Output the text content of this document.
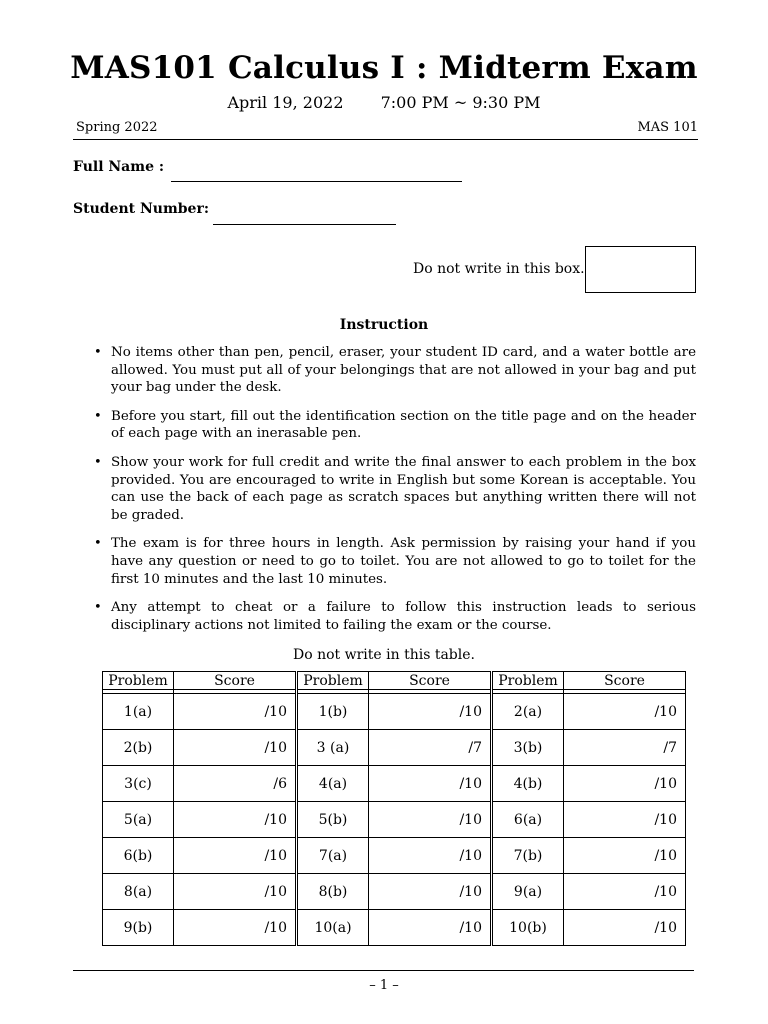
MAS101 Calculus I : Midterm Exam
April 19, 2022 7:00 PM ~ 9:30 PM
Spring 2022	MAS 101
Full Name :
Student Number:
Do not write in this box.
Instruction
• No items other than pen, pencil, eraser, your student ID card, and a water bottle are allowed. You must put all of your belongings that are not allowed in your bag and put your bag under the desk.
• Before you start, fill out the identification section on the title page and on the header of each page with an inerasable pen.
• Show your work for full credit and write the final answer to each problem in the box provided. You are encouraged to write in English but some Korean is acceptable. You can use the back of each page as scratch spaces but anything written there will not be graded.
• The exam is for three hours in length. Ask permission by raising your hand if you have any question or need to go to toilet. You are not allowed to go to toilet for the first 10 minutes and the last 10 minutes.
• Any attempt to cheat or a failure to follow this instruction leads to serious disciplinary actions not limited to failing the exam or the course.
Do not write in this table.
Problem	Score	Problem	Score	Problem	Score

1(a)	/10	1(b)	/10	2(a)	/10
2(b)	/10	3 (a)	/7	3(b)	/7
3(c)	/6	4(a)	/10	4(b)	/10
5(a)	/10	5(b)	/10	6(a)	/10
6(b)	/10	7(a)	/10	7(b)	/10
8(a)	/10	8(b)	/10	9(a)	/10
9(b)	/10	10(a)	/10	10(b)	/10
– 1 –
